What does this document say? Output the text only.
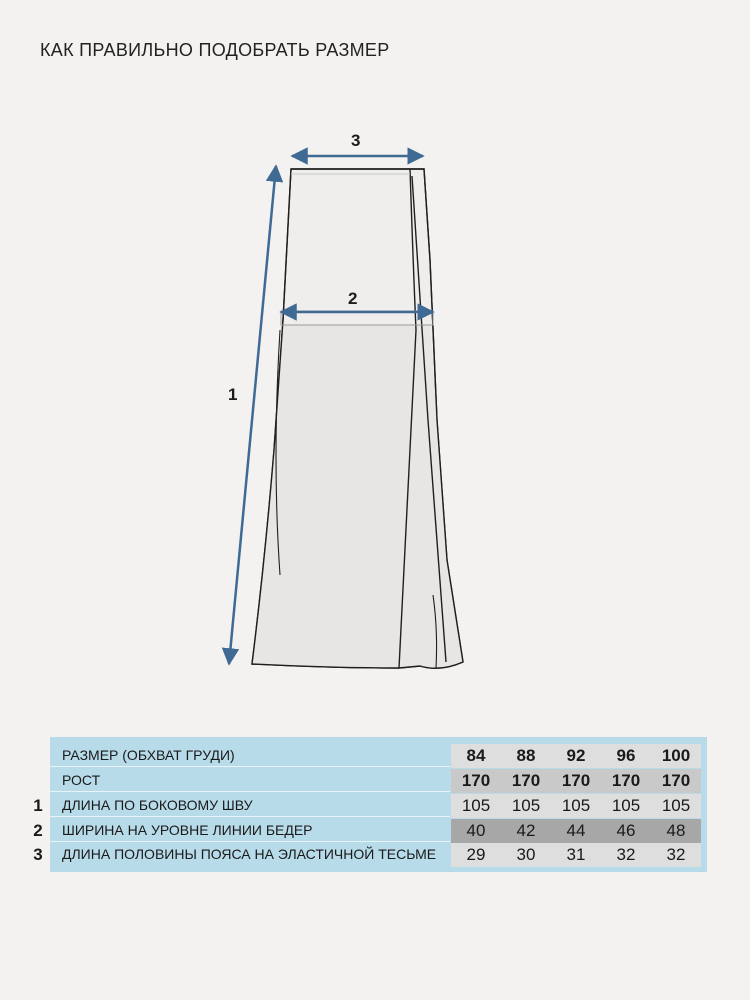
КАК ПРАВИЛЬНО ПОДОБРАТЬ РАЗМЕР
3
2
1
РАЗМЕР (ОБХВАТ ГРУДИ)	84	88	92	96	100
РОСТ	170	170	170	170	170
ДЛИНА ПО БОКОВОМУ ШВУ	105	105	105	105	105
ШИРИНА НА УРОВНЕ ЛИНИИ БЕДЕР	40	42	44	46	48
ДЛИНА ПОЛОВИНЫ ПОЯСА НА ЭЛАСТИЧНОЙ ТЕСЬМЕ	29	30	31	32	32
1
2
3
